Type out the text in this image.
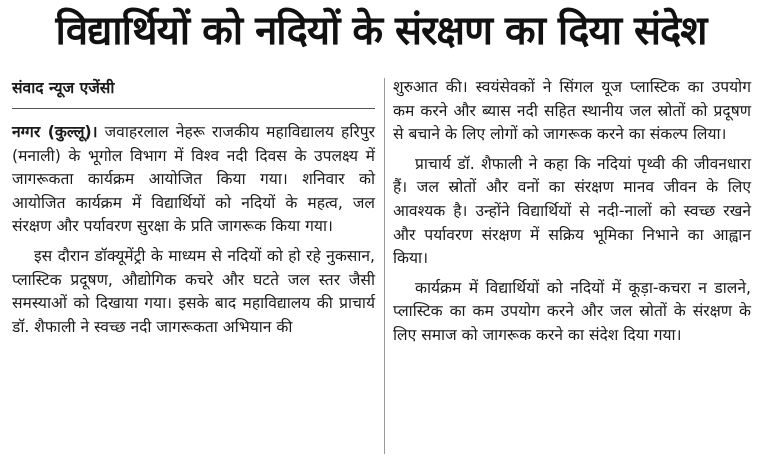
विद्यार्थियों को नदियों के संरक्षण का दिया संदेश

संवाद न्यूज एजेंसी

नग्गर (कुल्लू)। जवाहरलाल नेहरू राजकीय महाविद्यालय हरिपुर (मनाली) के भूगोल विभाग में विश्व नदी दिवस के उपलक्ष्य में जागरूकता कार्यक्रम आयोजित किया गया। शनिवार को आयोजित कार्यक्रम में विद्यार्थियों को नदियों के महत्व, जल संरक्षण और पर्यावरण सुरक्षा के प्रति जागरूक किया गया।

इस दौरान डॉक्यूमेंट्री के माध्यम से नदियों को हो रहे नुकसान, प्लास्टिक प्रदूषण, औद्योगिक कचरे और घटते जल स्तर जैसी समस्याओं को दिखाया गया। इसके बाद महाविद्यालय की प्राचार्य डॉ. शैफाली ने स्वच्छ नदी जागरूकता अभियान की

शुरुआत की। स्वयंसेवकों ने सिंगल यूज प्लास्टिक का उपयोग कम करने और ब्यास नदी सहित स्थानीय जल स्रोतों को प्रदूषण से बचाने के लिए लोगों को जागरूक करने का संकल्प लिया।

प्राचार्य डॉ. शैफाली ने कहा कि नदियां पृथ्वी की जीवनधारा हैं। जल स्रोतों और वनों का संरक्षण मानव जीवन के लिए आवश्यक है। उन्होंने विद्यार्थियों से नदी-नालों को स्वच्छ रखने और पर्यावरण संरक्षण में सक्रिय भूमिका निभाने का आह्वान किया।

कार्यक्रम में विद्यार्थियों को नदियों में कूड़ा-कचरा न डालने, प्लास्टिक का कम उपयोग करने और जल स्रोतों के संरक्षण के लिए समाज को जागरूक करने का संदेश दिया गया।
